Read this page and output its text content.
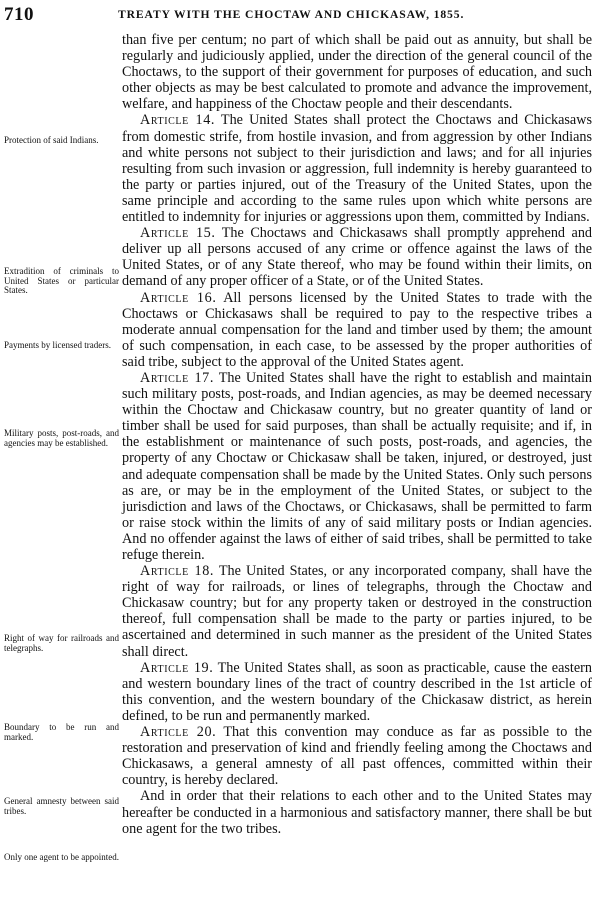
710	TREATY WITH THE CHOCTAW AND CHICKASAW, 1855.
Protection of said Indians.
Extradition of criminals to United States or particular States.
Payments by licensed traders.
Military posts, post-roads, and agencies may be established.
Right of way for railroads and telegraphs.
Boundary to be run and marked.
General amnesty between said tribes.
Only one agent to be appointed.

than five per centum; no part of which shall be paid out as annuity, but shall be regularly and judiciously applied, under the direction of the general council of the Choctaws, to the support of their government for purposes of education, and such other objects as may be best calculated to promote and advance the improvement, welfare, and happiness of the Choctaw people and their descendants.

Article 14. The United States shall protect the Choctaws and Chickasaws from domestic strife, from hostile invasion, and from aggression by other Indians and white persons not subject to their jurisdiction and laws; and for all injuries resulting from such invasion or aggression, full indemnity is hereby guaranteed to the party or parties injured, out of the Treasury of the United States, upon the same principle and according to the same rules upon which white persons are entitled to indemnity for injuries or aggressions upon them, committed by Indians.

Article 15. The Choctaws and Chickasaws shall promptly apprehend and deliver up all persons accused of any crime or offence against the laws of the United States, or of any State thereof, who may be found within their limits, on demand of any proper officer of a State, or of the United States.

Article 16. All persons licensed by the United States to trade with the Choctaws or Chickasaws shall be required to pay to the respective tribes a moderate annual compensation for the land and timber used by them; the amount of such compensation, in each case, to be assessed by the proper authorities of said tribe, subject to the approval of the United States agent.

Article 17. The United States shall have the right to establish and maintain such military posts, post-roads, and Indian agencies, as may be deemed necessary within the Choctaw and Chickasaw country, but no greater quantity of land or timber shall be used for said purposes, than shall be actually requisite; and if, in the establishment or maintenance of such posts, post-roads, and agencies, the property of any Choctaw or Chickasaw shall be taken, injured, or destroyed, just and adequate compensation shall be made by the United States. Only such persons as are, or may be in the employment of the United States, or subject to the jurisdiction and laws of the Choctaws, or Chickasaws, shall be permitted to farm or raise stock within the limits of any of said military posts or Indian agencies. And no offender against the laws of either of said tribes, shall be permitted to take refuge therein.

Article 18. The United States, or any incorporated company, shall have the right of way for railroads, or lines of telegraphs, through the Choctaw and Chickasaw country; but for any property taken or destroyed in the construction thereof, full compensation shall be made to the party or parties injured, to be ascertained and determined in such manner as the president of the United States shall direct.

Article 19. The United States shall, as soon as practicable, cause the eastern and western boundary lines of the tract of country described in the 1st article of this convention, and the western boundary of the Chickasaw district, as herein defined, to be run and permanently marked.

Article 20. That this convention may conduce as far as possible to the restoration and preservation of kind and friendly feeling among the Choctaws and Chickasaws, a general amnesty of all past offences, committed within their country, is hereby declared.

And in order that their relations to each other and to the United States may hereafter be conducted in a harmonious and satisfactory manner, there shall be but one agent for the two tribes.
